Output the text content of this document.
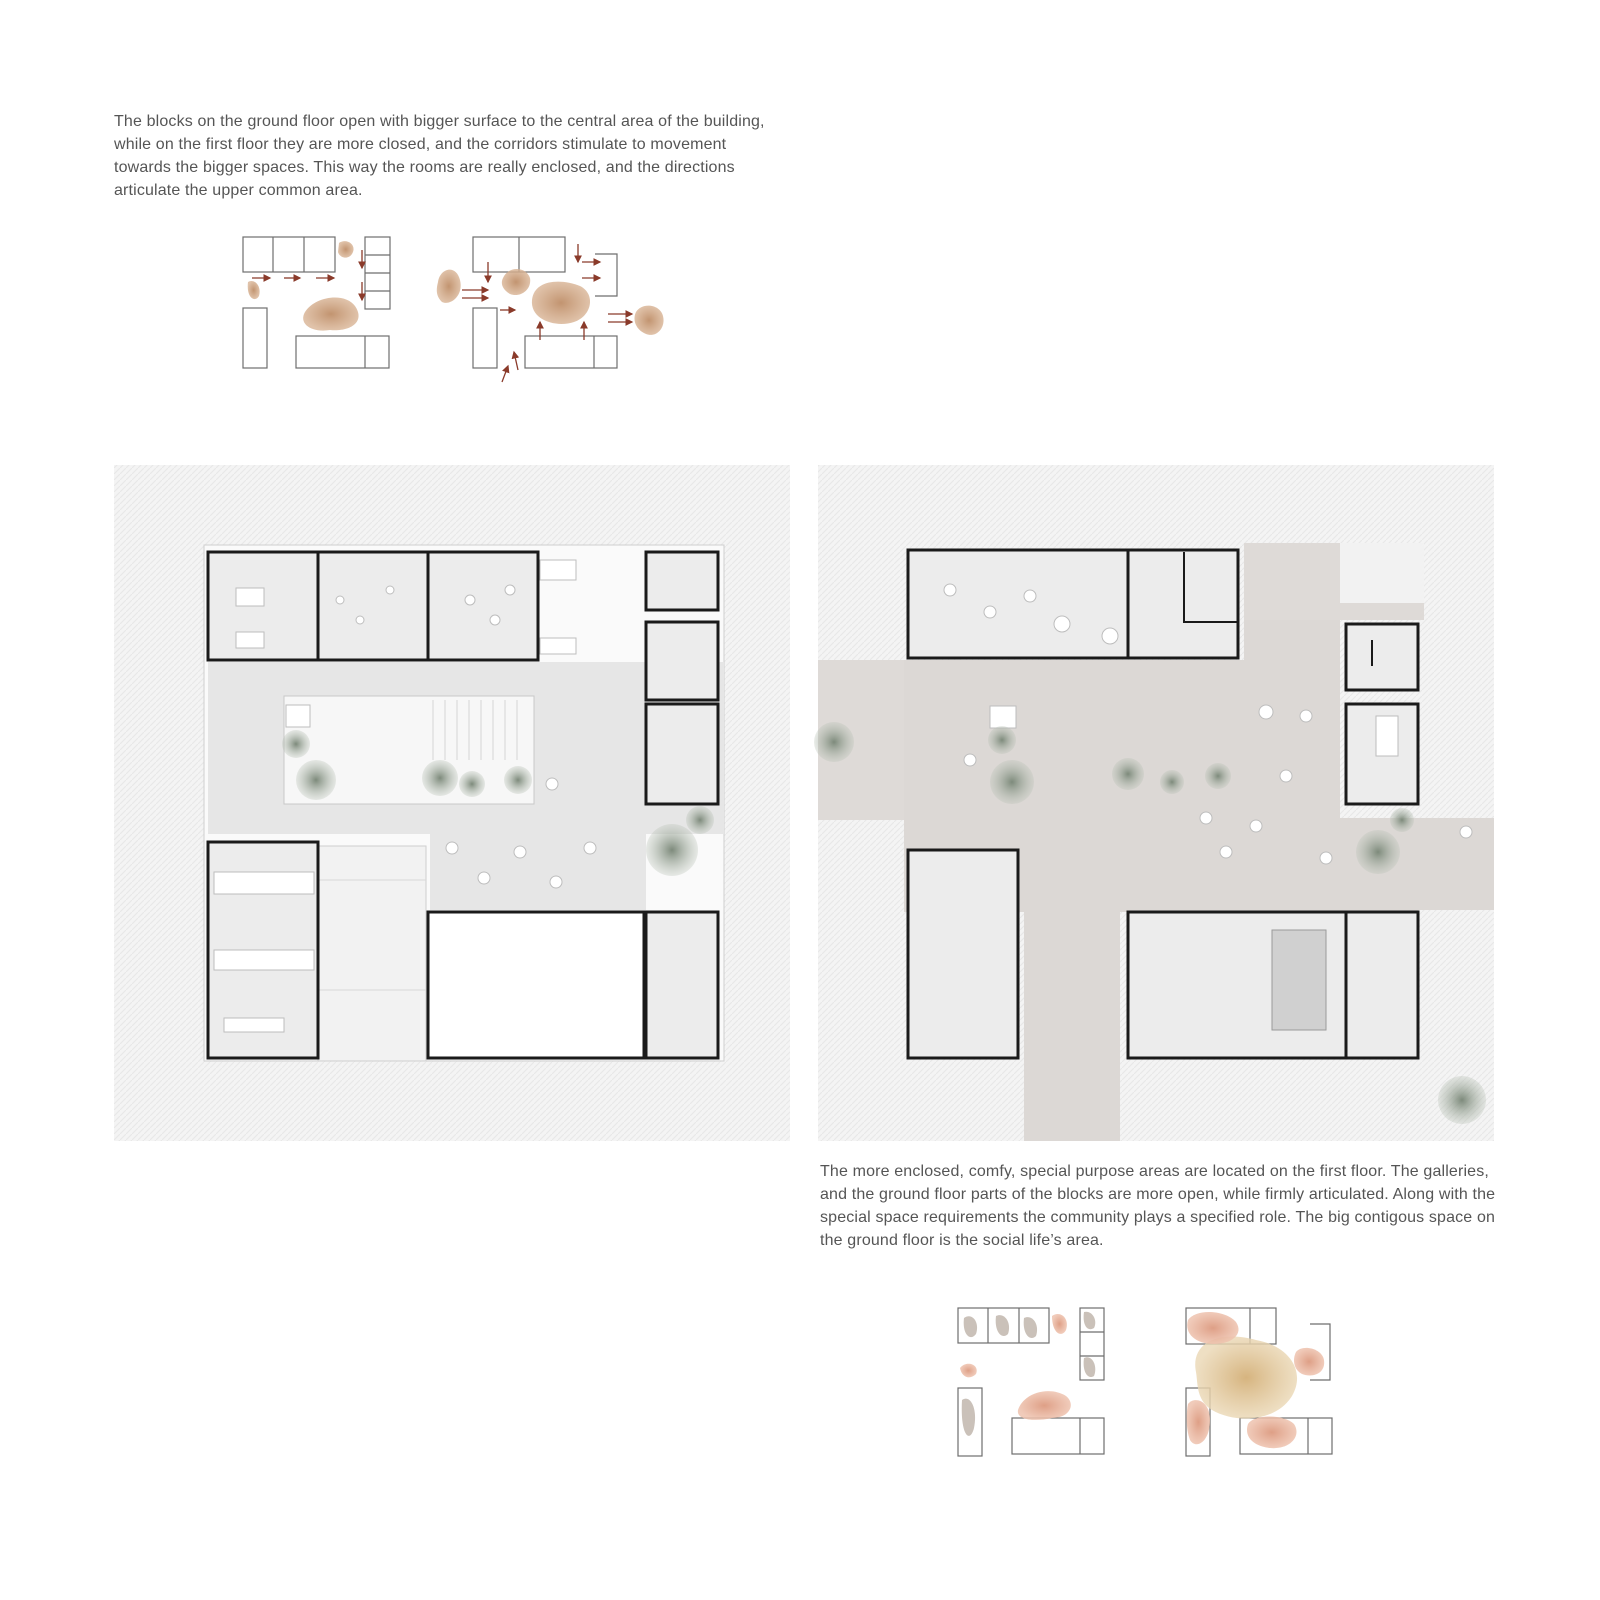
The blocks on the ground floor open with bigger surface to the central area of the building, while on the first floor they are more closed, and the corridors stimulate to movement towards the bigger spaces. This way the rooms are really enclosed, and the directions articulate the upper common area.

The more enclosed, comfy, special purpose areas are located on the first floor. The galleries, and the ground floor parts of the blocks are more open, while firmly articulated. Along with the special space requirements the community plays a specified role. The big contigous space on the ground floor is the social life’s area.
